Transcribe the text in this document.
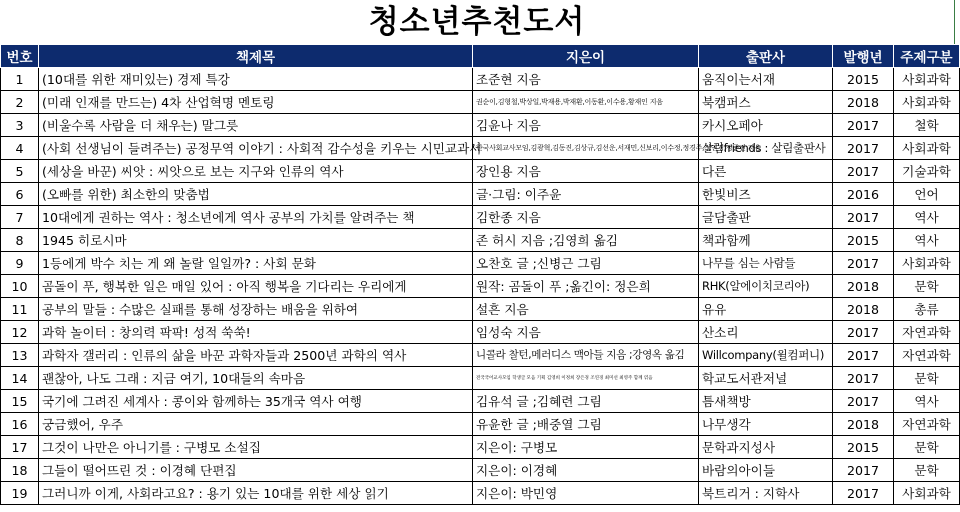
청소년추천도서
번호	책제목	지은이	출판사	발행년	주제구분
1	(10대를 위한 재미있는) 경제 특강	조준현 지음	움직이는서재	2015	사회과학
2	(미래 인재를 만드는) 4차 산업혁명 멘토링	권순이,김형철,박상일,박재용,박재환,이동환,이수용,황재인 지음	북캠퍼스	2018	사회과학
3	(비울수록 사람을 더 채우는) 말그릇	김윤나 지음	카시오페아	2017	철학
4	(사회 선생님이 들려주는) 공정무역 이야기 : 사회적 감수성을 키우는 시민교과서	한국사회교사모임,김광혁,김동진,김상규,김선운,서재민,신보리,이수정,정경주,정연경,정준진 지음	살림friends : 살림출판사	2017	사회과학
5	(세상을 바꾼) 씨앗 : 씨앗으로 보는 지구와 인류의 역사	장인용 지음	다른	2017	기술과학
6	(오빠를 위한) 최소한의 맞춤법	글·그림: 이주윤	한빛비즈	2016	언어
7	10대에게 권하는 역사 : 청소년에게 역사 공부의 가치를 알려주는 책	김한종 지음	글담출판	2017	역사
8	1945 히로시마	존 허시 지음 ;김영희 옮김	책과함께	2015	역사
9	1등에게 박수 치는 게 왜 놀랄 일일까? : 사회 문화	오찬호 글 ;신병근 그림	나무를 심는 사람들	2017	사회과학
10	곰돌이 푸, 행복한 일은 매일 있어 : 아직 행복을 기다리는 우리에게	원작: 곰돌이 푸 ;옮긴이: 정은희	RHK(알에이치코리아)	2018	문학
11	공부의 말들 : 수많은 실패를 통해 성장하는 배움을 위하여	설흔 지음	유유	2018	총류
12	과학 놀이터 : 창의력 팍팍! 성적 쑥쑥!	임성숙 지음	산소리	2017	자연과학
13	과학자 갤러리 : 인류의 삶을 바꾼 과학자들과 2500년 과학의 역사	니콜라 찰턴,메러디스 맥아들 지음 ;강영옥 옮김	Willcompany(윌컴퍼니)	2017	자연과학
14	괜찮아, 나도 그래 : 지금 여기, 10대들의 속마음	전국국어교사모임 학생글 모음 기획 김영희 이정희 장은경 조연경 최미선 최영주 함께 엮음	학교도서관저널	2017	문학
15	국기에 그려진 세계사 : 콩이와 함께하는 35개국 역사 여행	김유석 글 ;김혜련 그림	틈새책방	2017	역사
16	궁금했어, 우주	유윤한 글 ;배중열 그림	나무생각	2018	자연과학
17	그것이 나만은 아니기를 : 구병모 소설집	지은이: 구병모	문학과지성사	2015	문학
18	그들이 떨어뜨린 것 : 이경혜 단편집	지은이: 이경혜	바람의아이들	2017	문학
19	그러니까 이게, 사회라고요? : 용기 있는 10대를 위한 세상 읽기	지은이: 박민영	북트리거 : 지학사	2017	사회과학
